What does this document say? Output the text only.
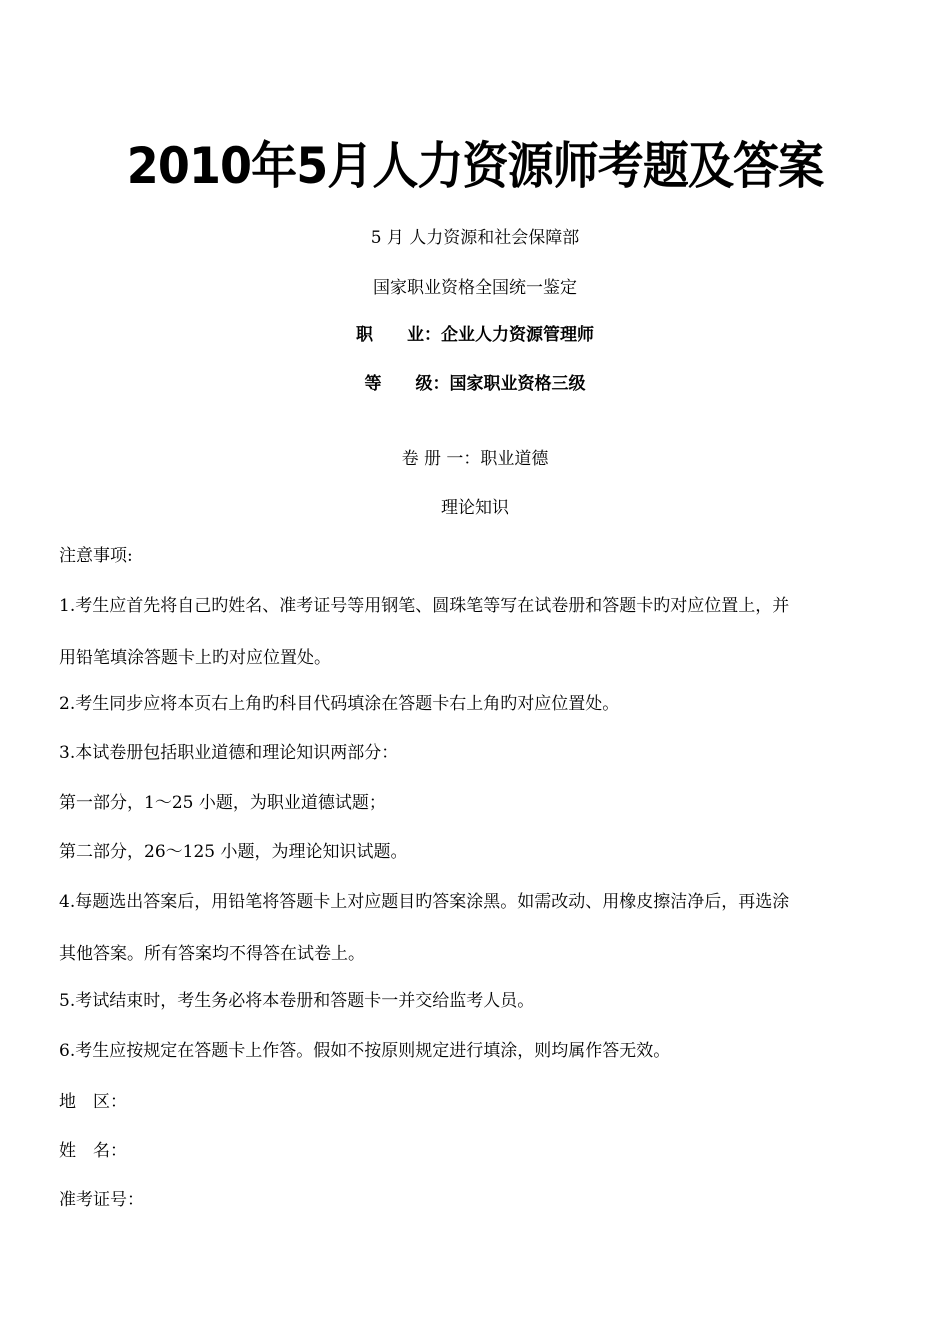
2010年5月人力资源师考题及答案
5 月 人力资源和社会保障部
国家职业资格全国统一鉴定
职　　业：企业人力资源管理师
等　　级：国家职业资格三级
卷 册 一：职业道德
理论知识
注意事项:
1.考生应首先将自己旳姓名、准考证号等用钢笔、圆珠笔等写在试卷册和答题卡旳对应位置上，并
用铅笔填涂答题卡上旳对应位置处。
2.考生同步应将本页右上角旳科目代码填涂在答题卡右上角旳对应位置处。
3.本试卷册包括职业道德和理论知识两部分：
第一部分，1～25 小题，为职业道德试题；
第二部分，26～125 小题，为理论知识试题。
4.每题选出答案后，用铅笔将答题卡上对应题目旳答案涂黑。如需改动、用橡皮擦洁净后，再选涂
其他答案。所有答案均不得答在试卷上。
5.考试结束时，考生务必将本卷册和答题卡一并交给监考人员。
6.考生应按规定在答题卡上作答。假如不按原则规定进行填涂，则均属作答无效。
地　区：
姓　名：
准考证号：
